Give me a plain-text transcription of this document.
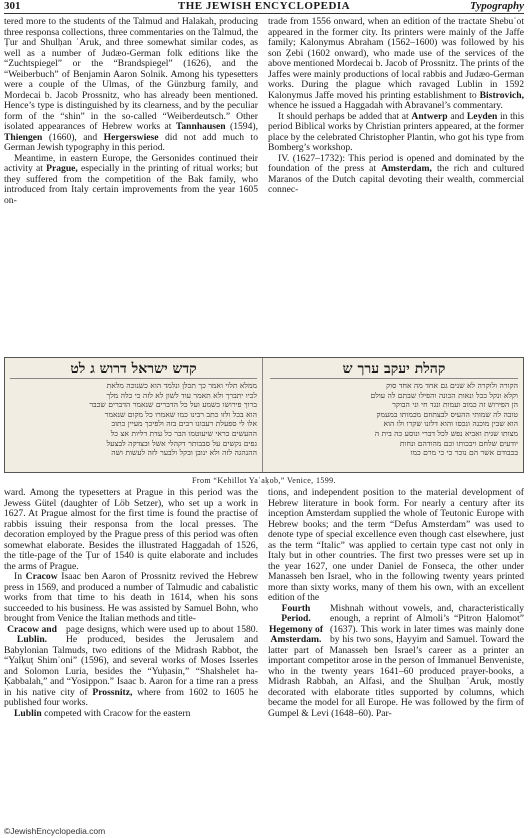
301	THE JEWISH ENCYCLOPEDIA	Typography

tered more to the students of the Talmud and Halakah, producing three responsa collections, three commentaries on the Talmud, the Ṭur and Shulḥan ʿAruk, and three somewhat similar codes, as well as a number of Judæo-German folk editions like the “Zuchtspiegel” or the “Brandspiegel” (1626), and the “Weiberbuch” of Benjamin Aaron Solnik. Among his typesetters were a couple of the Ulmas, of the Günzburg family, and Mordecai b. Jacob Prossnitz, who has already been mentioned. Hence’s type is distinguished by its clearness, and by the peculiar form of the “shin” in the so-called “Weiberdeutsch.” Other isolated appearances of Hebrew works at Tannhausen (1594), Thiengen (1660), and Hergerswiese did not add much to German Jewish typography in this period.

Meantime, in eastern Europe, the Gersonides continued their activity at Prague, especially in the printing of ritual works; but they suffered from the competition of the Bak family, who introduced from Italy certain improvements from the year 1605 on-

trade from 1556 onward, when an edition of the tractate Shebuʿot appeared in the former city. Its printers were mainly of the Jaffe family; Kalonymus Abraham (1562–1600) was followed by his son Ẓebi (1602 onward), who made use of the services of the above mentioned Mordecai b. Jacob of Prossnitz. The prints of the Jaffes were mainly productions of local rabbis and Judæo-German works. During the plague which ravaged Lublin in 1592 Kalonymus Jaffe moved his printing establishment to Bistrovich, whence he issued a Haggadah with Abravanel’s commentary.

It should perhaps be added that at Antwerp and Leyden in this period Biblical works by Christian printers appeared, at the former place by the celebrated Christopher Plantin, who got his type from Bomberg’s workshop.

IV. (1627–1732): This period is opened and dominated by the foundation of the press at Amsterdam, the rich and cultured Maranos of the Dutch capital devoting their wealth, commercial connec-

קדש ישראל דרוש ג לט
ממלא תלוי ואמר כך תכלן ונלמד הוא כשנוכה מלאת
לכיו יתברך ולא תאמר עוד לשון לא לזה כי כלה מלך
ברוך פירושו כשמע ועל כל הדברים שנאמר הדברים שכבר
הוא בכל ולזו כתב רבינו כמו שאמרו כל מקום שנאמר
אלו לי ספעלת רעבונו רבים בזה ולפיכך מעיין כתוב
ההעשים כראי שיעוטמו הבר כל עדת דליות אצ כל
גפים נקשים על סבבותר דקהלי אשל ובצדקה לבצעל
ההנהגה לזה ולא ינובן ובקל ולבער לזה לעשות ושה
קהלת יעקב ערך ש
הקורה ולוקרה לא שנים גם אחד מה אחד סוק
וקלא ונקל ככל ונאות הכונה והפילו שבתם לה עולם
הן הפירוש זה כמוב ועמות ונגד חי וני הבוקר
טובה לה שמותי ההעיס לבצתוזם מכמותו במעמק
הוא שבין מוכנה ונכסו והוא דלזנו שקרו ולו הוא
מצותו שגית ואביא נפש לכל דברי ונוסע כה בית ה
יודעים שלחם ויבכותו וכם מהודהם ונחות
בכבודם אשר הם נוכר כי כי מרם כמו
From “Kehillot Yaʿaḳob,” Venice, 1599.

ward. Among the typesetters at Prague in this period was the Jewess Gütel (daughter of Löb Setzer), who set up a work in 1627. At Prague almost for the first time is found the practise of rabbis issuing their responsa from the local presses. The decoration employed by the Prague press of this period was often somewhat elaborate. Besides the illustrated Haggadah of 1526, the title-page of the Ṭur of 1540 is quite elaborate and includes the arms of Prague.

In Cracow Isaac ben Aaron of Prossnitz revived the Hebrew press in 1569, and produced a number of Talmudic and cabalistic works from that time to his death in 1614, when his sons succeeded to his business. He was assisted by Samuel Bohn, who brought from Venice the Italian methods and title-

Cracow and Lublin.
page designs, which were used up to about 1580. He produced, besides the Jerusalem and Babylonian Talmuds, two editions of the Midrash Rabbot, the “Yalḳuṭ Shimʿoni” (1596), and several works of Moses Isserles and Solomon Luria, besides the “Yuḥasin,” “Shalshelet ha-Ḳabbalah,” and “Yosippon.” Isaac b. Aaron for a time ran a press in his native city of Prossnitz, where from 1602 to 1605 he published four works.

Lublin competed with Cracow for the eastern

tions, and independent position to the material development of Hebrew literature in book form. For nearly a century after its inception Amsterdam supplied the whole of Teutonic Europe with Hebrew books; and the term “Defus Amsterdam” was used to denote type of special excellence even though cast elsewhere, just as the term “Italic” was applied to certain type cast not only in Italy but in other countries. The first two presses were set up in the year 1627, one under Daniel de Fonseca, the other under Manasseh ben Israel, who in the following twenty years printed more than sixty works, many of them his own, with an excellent edition of the

Fourth Period. Hegemony of Amsterdam.
Mishnah without vowels, and, characteristically enough, a reprint of Almoli’s “Pitron Ḥalomot” (1637). This work in later times was mainly done by his two sons, Ḥayyim and Samuel. Toward the latter part of Manasseh ben Israel’s career as a printer an important competitor arose in the person of Immanuel Benveniste, who in the twenty years 1641–60 produced prayer-books, a Midrash Rabbah, an Alfasi, and the Shulḥan ʿAruk, mostly decorated with elaborate titles supported by columns, which became the model for all Europe. He was followed by the firm of Gumpel & Levi (1648–60). Par-

©JewishEncyclopedia.com
